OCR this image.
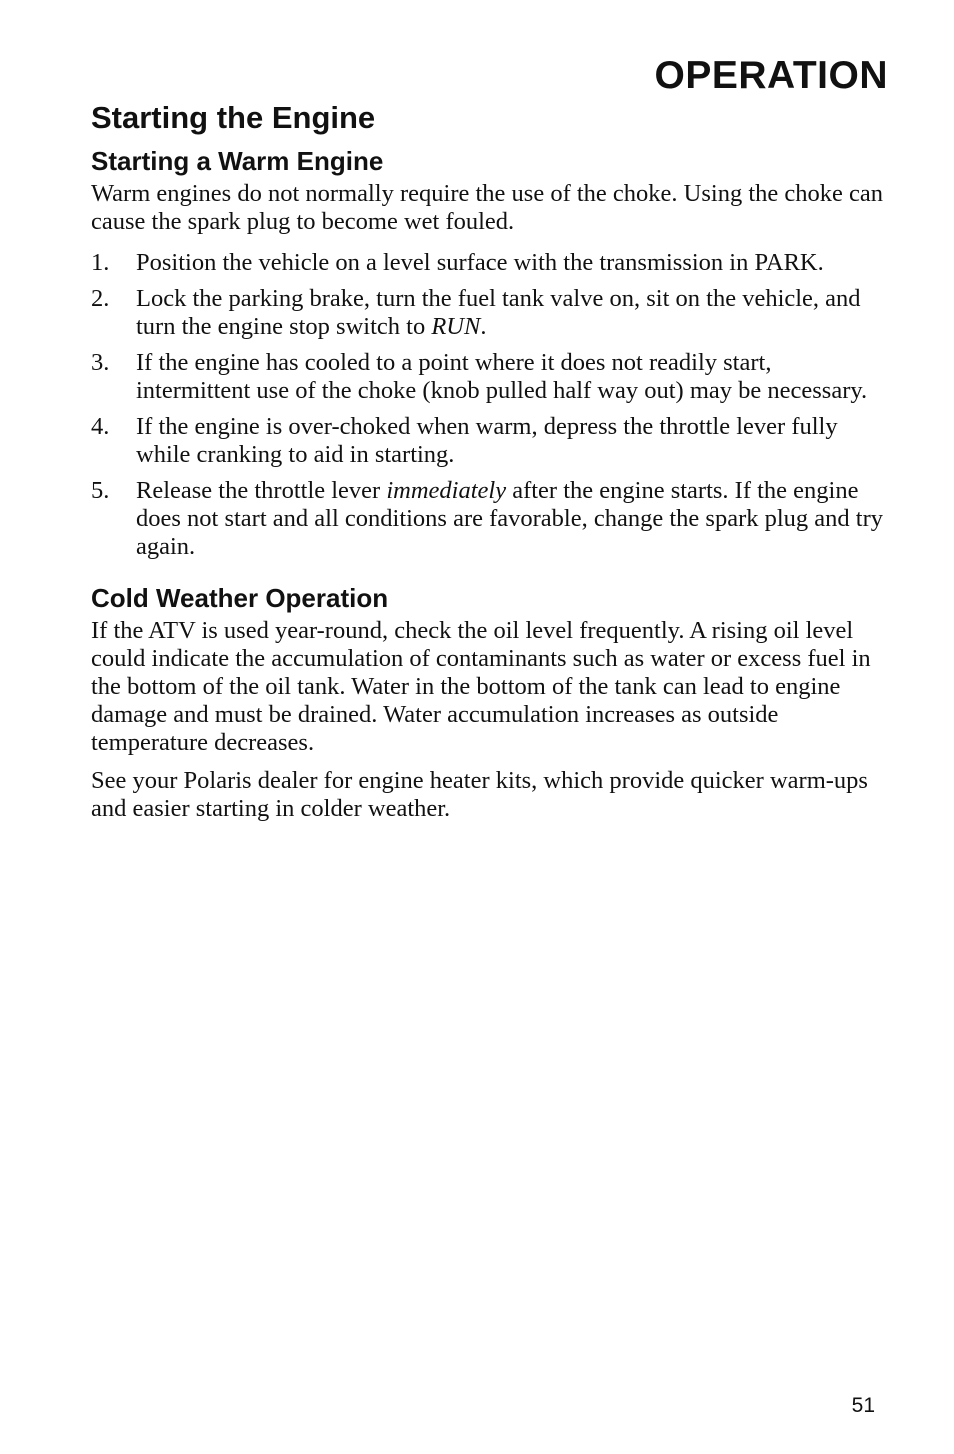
OPERATION
Starting the Engine
Starting a Warm Engine

Warm engines do not normally require the use of the choke. Using the choke can cause the spark plug to become wet fouled.

1. Position the vehicle on a level surface with the transmission in PARK.
2. Lock the parking brake, turn the fuel tank valve on, sit on the vehicle, and turn the engine stop switch to RUN.
3. If the engine has cooled to a point where it does not readily start, intermittent use of the choke (knob pulled half way out) may be necessary.
4. If the engine is over-choked when warm, depress the throttle lever fully while cranking to aid in starting.
5. Release the throttle lever immediately after the engine starts. If the engine does not start and all conditions are favorable, change the spark plug and try again.
Cold Weather Operation

If the ATV is used year-round, check the oil level frequently. A rising oil level could indicate the accumulation of contaminants such as water or excess fuel in the bottom of the oil tank. Water in the bottom of the tank can lead to engine damage and must be drained. Water accumulation increases as outside temperature decreases.

See your Polaris dealer for engine heater kits, which provide quicker warm-ups and easier starting in colder weather.

51
